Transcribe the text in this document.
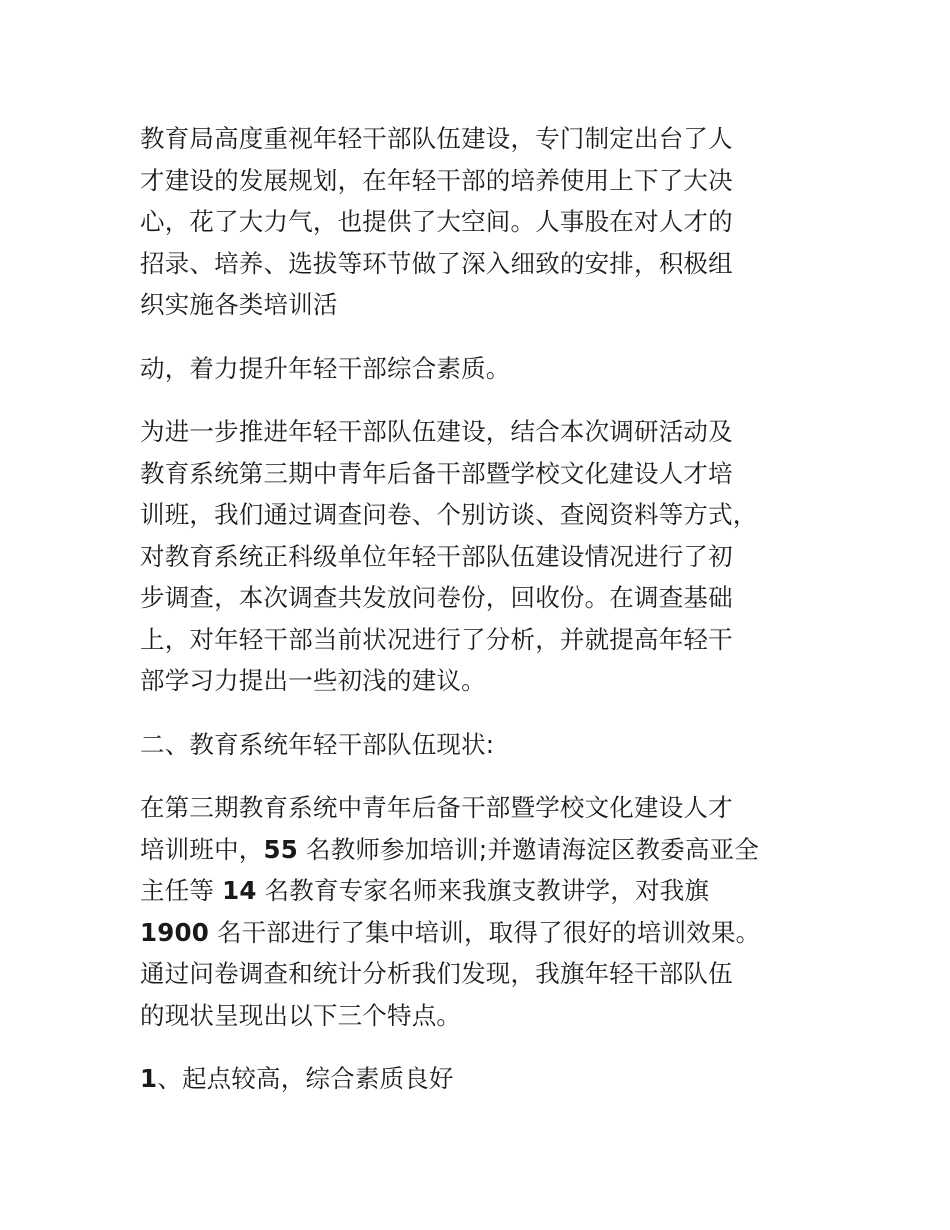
教育局高度重视年轻干部队伍建设，专门制定出台了人
才建设的发展规划，在年轻干部的培养使用上下了大决
心，花了大力气，也提供了大空间。人事股在对人才的
招录、培养、选拔等环节做了深入细致的安排，积极组
织实施各类培训活

动，着力提升年轻干部综合素质。

为进一步推进年轻干部队伍建设，结合本次调研活动及
教育系统第三期中青年后备干部暨学校文化建设人才培
训班，我们通过调查问卷、个别访谈、查阅资料等方式，
对教育系统正科级单位年轻干部队伍建设情况进行了初
步调查，本次调查共发放问卷份，回收份。在调查基础
上，对年轻干部当前状况进行了分析，并就提高年轻干
部学习力提出一些初浅的建议。

二、教育系统年轻干部队伍现状:

在第三期教育系统中青年后备干部暨学校文化建设人才
培训班中，55 名教师参加培训;并邀请海淀区教委高亚全
主任等 14 名教育专家名师来我旗支教讲学，对我旗
1900 名干部进行了集中培训，取得了很好的培训效果。
通过问卷调查和统计分析我们发现，我旗年轻干部队伍
的现状呈现出以下三个特点。

1、起点较高，综合素质良好
